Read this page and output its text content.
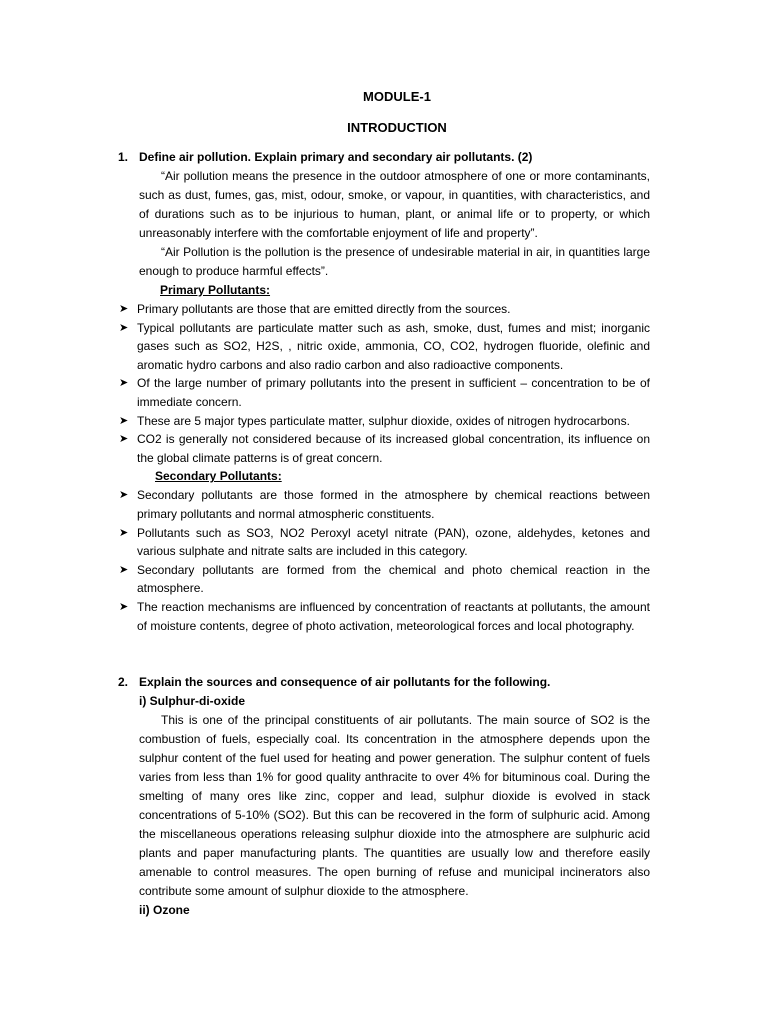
MODULE-1
INTRODUCTION
1. Define air pollution. Explain primary and secondary air pollutants. (2)
“Air pollution means the presence in the outdoor atmosphere of one or more contaminants, such as dust, fumes, gas, mist, odour, smoke, or vapour, in quantities, with characteristics, and of durations such as to be injurious to human, plant, or animal life or to property, or which unreasonably interfere with the comfortable enjoyment of life and property”.
“Air Pollution is the pollution is the presence of undesirable material in air, in quantities large enough to produce harmful effects”.
Primary Pollutants:
➤ Primary pollutants are those that are emitted directly from the sources.
➤ Typical pollutants are particulate matter such as ash, smoke, dust, fumes and mist; inorganic gases such as SO2, H2S, , nitric oxide, ammonia, CO, CO2, hydrogen fluoride, olefinic and aromatic hydro carbons and also radio carbon and also radioactive components.
➤ Of the large number of primary pollutants into the present in sufficient – concentration to be of immediate concern.
➤ These are 5 major types particulate matter, sulphur dioxide, oxides of nitrogen hydrocarbons.
➤ CO2 is generally not considered because of its increased global concentration, its influence on the global climate patterns is of great concern.
Secondary Pollutants:
➤ Secondary pollutants are those formed in the atmosphere by chemical reactions between primary pollutants and normal atmospheric constituents.
➤ Pollutants such as SO3, NO2 Peroxyl acetyl nitrate (PAN), ozone, aldehydes, ketones and various sulphate and nitrate salts are included in this category.
➤ Secondary pollutants are formed from the chemical and photo chemical reaction in the atmosphere.
➤ The reaction mechanisms are influenced by concentration of reactants at pollutants, the amount of moisture contents, degree of photo activation, meteorological forces and local photography.
2. Explain the sources and consequence of air pollutants for the following.
i) Sulphur-di-oxide
This is one of the principal constituents of air pollutants. The main source of SO2 is the combustion of fuels, especially coal. Its concentration in the atmosphere depends upon the sulphur content of the fuel used for heating and power generation. The sulphur content of fuels varies from less than 1% for good quality anthracite to over 4% for bituminous coal. During the smelting of many ores like zinc, copper and lead, sulphur dioxide is evolved in stack concentrations of 5-10% (SO2). But this can be recovered in the form of sulphuric acid. Among the miscellaneous operations releasing sulphur dioxide into the atmosphere are sulphuric acid plants and paper manufacturing plants. The quantities are usually low and therefore easily amenable to control measures. The open burning of refuse and municipal incinerators also contribute some amount of sulphur dioxide to the atmosphere.
ii) Ozone
